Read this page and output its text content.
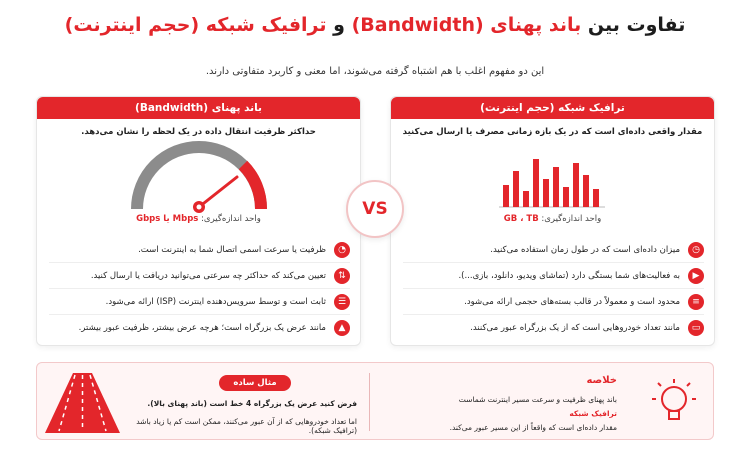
تفاوت بین باند پهنای (Bandwidth) و ترافیک شبکه (حجم اینترنت)
این دو مفهوم اغلب با هم اشتباه گرفته می‌شوند، اما معنی و کاربرد متفاوتی دارند.
ترافیک شبکه (حجم اینترنت)
مقدار واقعی داده‌ای است که در یک بازه زمانی مصرف یا ارسال می‌کنید
واحد اندازه‌گیری: GB ، TB
◷
میزان داده‌ای است که در طول زمان استفاده می‌کنید.
▶
به فعالیت‌های شما بستگی دارد (تماشای ویدیو، دانلود، بازی...).
≡
محدود است و معمولاً در قالب بسته‌های حجمی ارائه می‌شود.
▭
مانند تعداد خودروهایی است که از یک بزرگراه عبور می‌کنند.
باند پهنای (Bandwidth)
حداکثر ظرفیت انتقال داده در یک لحظه را نشان می‌دهد.
واحد اندازه‌گیری: Mbps یا Gbps
◔
ظرفیت یا سرعت اسمی اتصال شما به اینترنت است.
⇅
تعیین می‌کند که حداکثر چه سرعتی می‌توانید دریافت یا ارسال کنید.
☰
ثابت است و توسط سرویس‌دهنده اینترنت (ISP) ارائه می‌شود.
▲
مانند عرض یک بزرگراه است؛ هرچه عرض بیشتر، ظرفیت عبور بیشتر.
VS
مثال ساده
فرض کنید عرض یک بزرگراه 4 خط است (باند پهنای بالا).
اما تعداد خودروهایی که از آن عبور می‌کنند، ممکن است کم یا زیاد باشد (ترافیک شبکه).
خلاصه
باند پهنای ظرفیت و سرعت مسیر اینترنت شماست
ترافیک شبکه
مقدار داده‌ای است که واقعاً از این مسیر عبور می‌کند.
